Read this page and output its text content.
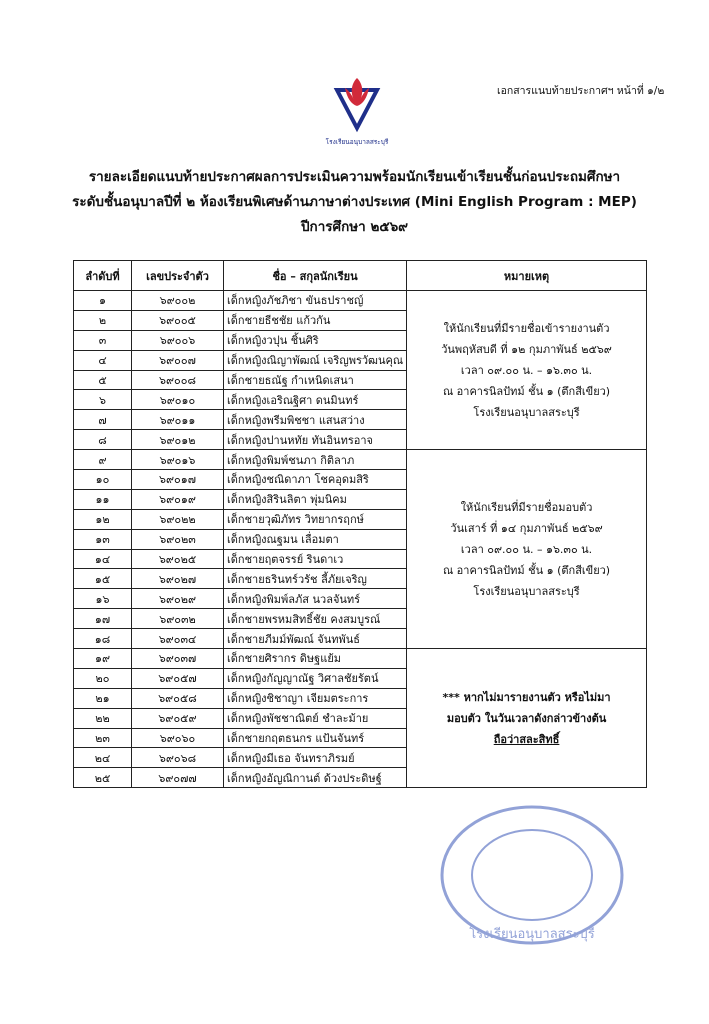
โรงเรียนอนุบาลสระบุรี
เอกสารแนบท้ายประกาศฯ หน้าที่ ๑/๒
รายละเอียดแนบท้ายประกาศผลการประเมินความพร้อมนักเรียนเข้าเรียนชั้นก่อนประถมศึกษา
ระดับชั้นอนุบาลปีที่ ๒ ห้องเรียนพิเศษด้านภาษาต่างประเทศ (Mini English Program : MEP)
ปีการศึกษา ๒๕๖๙
ลำดับที่	เลขประจำตัว	ชื่อ – สกุลนักเรียน	หมายเหตุ
๑	๖๙๐๐๒	เด็กหญิงภัชภิชา ขันธปราชญ์	ให้นักเรียนที่มีรายชื่อเข้ารายงานตัว
วันพฤหัสบดี ที่ ๑๒ กุมภาพันธ์ ๒๕๖๙
เวลา ๐๙.๐๐ น. – ๑๖.๓๐ น.
ณ อาคารนิลปัทม์ ชั้น ๑ (ตึกสีเขียว)
โรงเรียนอนุบาลสระบุรี

๒	๖๙๐๐๕	เด็กชายธีชชัย แก้วกัน	
๓	๖๙๐๐๖	เด็กหญิงวปุน ชิ้นศิริ	
๔	๖๙๐๐๗	เด็กหญิงณิญาพัฒณ์ เจริญพรวัฒนคุณ	
๕	๖๙๐๐๘	เด็กชายธณัฐ กำเหนิดเสนา	
๖	๖๙๐๑๐	เด็กหญิงเอริณฐิศา ดนมินทร์	
๗	๖๙๐๑๑	เด็กหญิงพรีมพิชชา แสนสว่าง	
๘	๖๙๐๑๒	เด็กหญิงปานหทัย ทันอินทรอาจ	
๙	๖๙๐๑๖	เด็กหญิงพิมพ์ชนภา กิติลาภ	ให้นักเรียนที่มีรายชื่อมอบตัว
วันเสาร์ ที่ ๑๔ กุมภาพันธ์ ๒๕๖๙
เวลา ๐๙.๐๐ น. – ๑๖.๓๐ น.
ณ อาคารนิลปัทม์ ชั้น ๑ (ตึกสีเขียว)
โรงเรียนอนุบาลสระบุรี

๑๐	๖๙๐๑๗	เด็กหญิงชณิดาภา โชคอุดมสิริ	
๑๑	๖๙๐๑๙	เด็กหญิงสิรินลิตา พุ่มนิคม	
๑๒	๖๙๐๒๒	เด็กชายวุฒิภัทร วิทยากรฤกษ์	
๑๓	๖๙๐๒๓	เด็กหญิงณฐมน เลื่อมตา	
๑๔	๖๙๐๒๕	เด็กชายฤตจรรย์ รินดาเว	
๑๕	๖๙๐๒๗	เด็กชายธรินทร์วรัช ลี้ภัยเจริญ	
๑๖	๖๙๐๒๙	เด็กหญิงพิมพ์ลภัส นวลจันทร์	
๑๗	๖๙๐๓๒	เด็กชายพรหมสิทธิ์ชัย คงสมบูรณ์	
๑๘	๖๙๐๓๔	เด็กชายภีมม์พัฒณ์ จันทพันธ์	
๑๙	๖๙๐๓๗	เด็กชายศิรากร ดิษฐแย้ม	*** หากไม่มารายงานตัว หรือไม่มา
มอบตัว ในวันเวลาดังกล่าวข้างต้น
ถือว่าสละสิทธิ์

๒๐	๖๙๐๕๗	เด็กหญิงกัญญาณัฐ วิศาลชัยรัตน์	
๒๑	๖๙๐๕๘	เด็กหญิงชิชาญา เจียมตระการ	
๒๒	๖๙๐๕๙	เด็กหญิงพัชชาณิตย์ ชำละม้าย	
๒๓	๖๙๐๖๐	เด็กชายกฤตธนกร แป้นจันทร์	
๒๔	๖๙๐๖๘	เด็กหญิงมีเธอ จันทราภิรมย์	
๒๕	๖๙๐๗๗	เด็กหญิงอัญณิกานต์ ด้วงประดิษฐ์	
โรงเรียนอนุบาลสระบุรี
